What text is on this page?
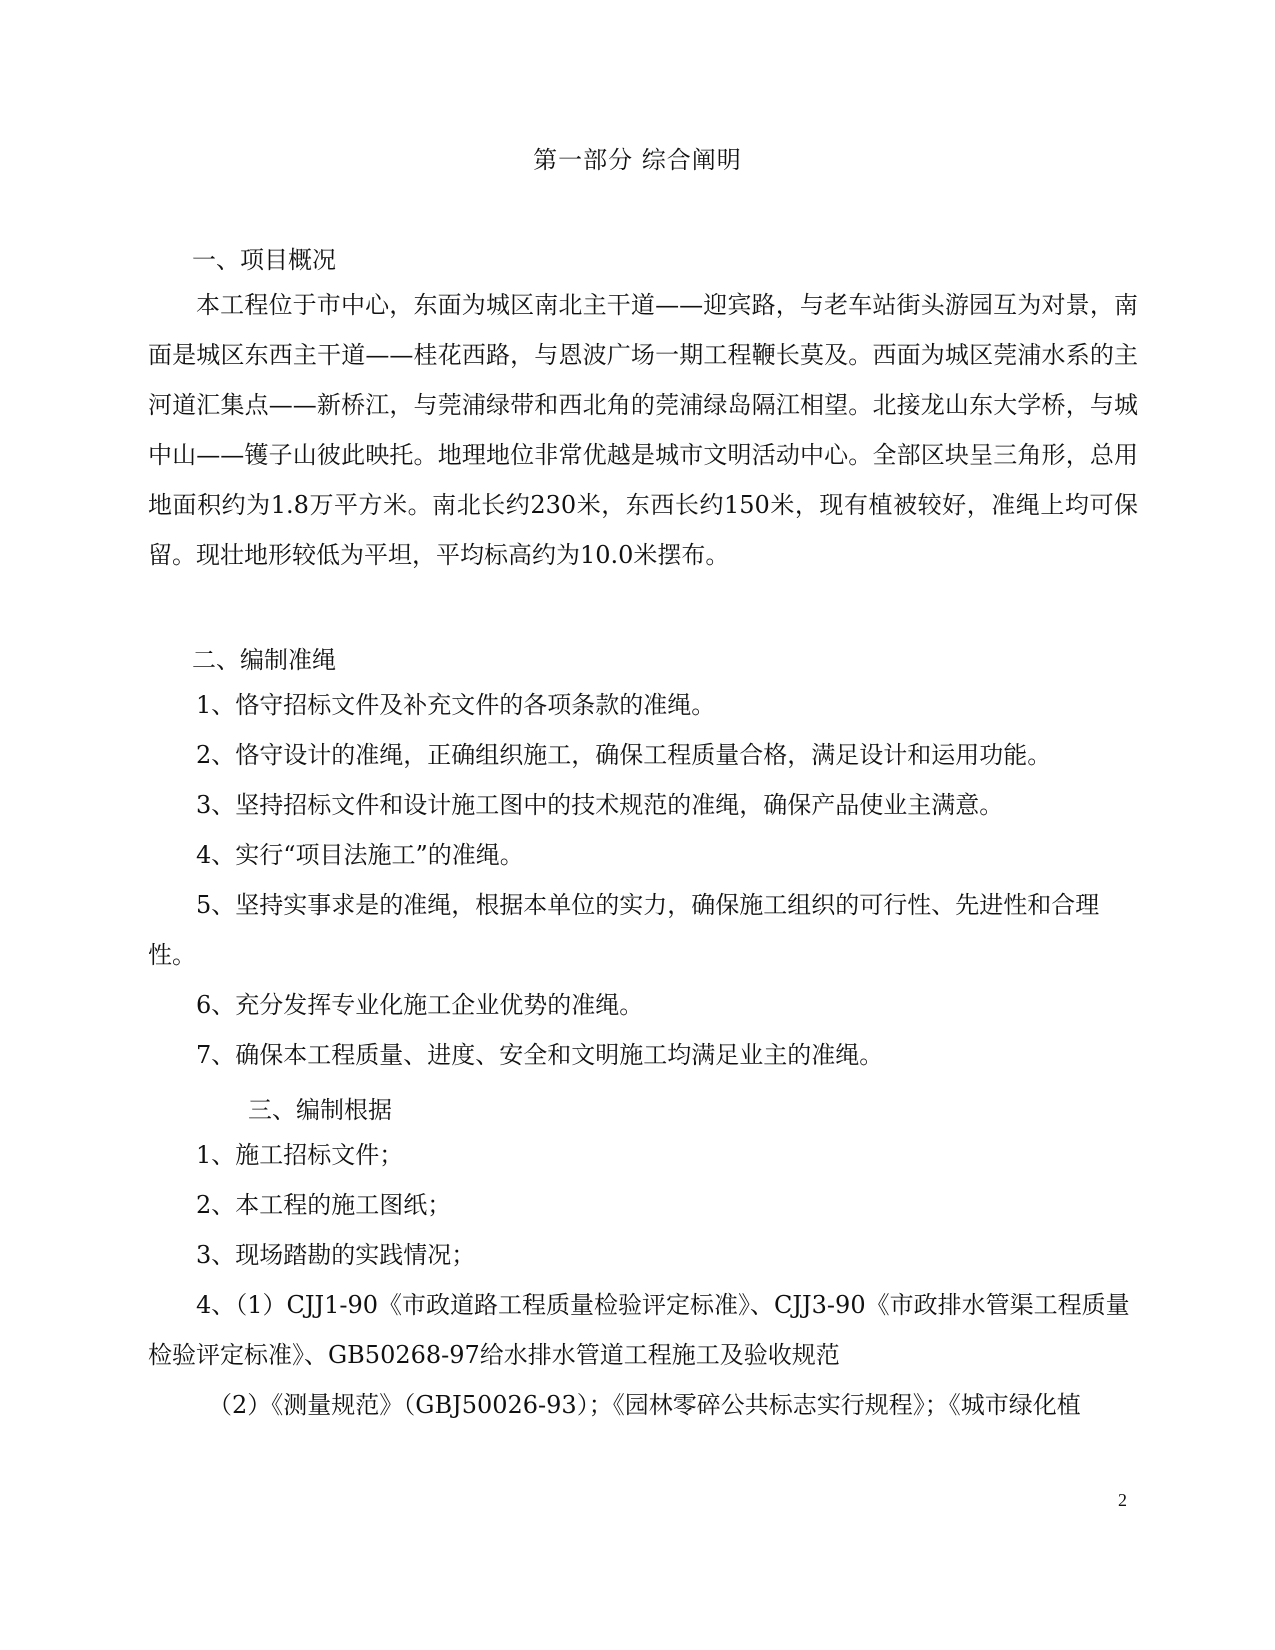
第一部分 综合阐明
一、项目概况

本工程位于市中心，东面为城区南北主干道——迎宾路，与老车站街头游园互为对景，南面是城区东西主干道——桂花西路，与恩波广场一期工程鞭长莫及。西面为城区莞浦水系的主河道汇集点——新桥江，与莞浦绿带和西北角的莞浦绿岛隔江相望。北接龙山东大学桥，与城中山——镬子山彼此映托。地理地位非常优越是城市文明活动中心。全部区块呈三角形，总用地面积约为1.8万平方米。南北长约230米，东西长约150米，现有植被较好，准绳上均可保留。现壮地形较低为平坦，平均标高约为10.0米摆布。

二、编制准绳

1、恪守招标文件及补充文件的各项条款的准绳。

2、恪守设计的准绳，正确组织施工，确保工程质量合格，满足设计和运用功能。

3、坚持招标文件和设计施工图中的技术规范的准绳，确保产品使业主满意。

4、实行“项目法施工”的准绳。

5、坚持实事求是的准绳，根据本单位的实力，确保施工组织的可行性、先进性和合理性。

6、充分发挥专业化施工企业优势的准绳。

7、确保本工程质量、进度、安全和文明施工均满足业主的准绳。

三、编制根据

1、施工招标文件；

2、本工程的施工图纸；

3、现场踏勘的实践情况；

4、（1）CJJ1-90《市政道路工程质量检验评定标准》、CJJ3-90《市政排水管渠工程质量检验评定标准》、GB50268-97给水排水管道工程施工及验收规范

（2）《测量规范》（GBJ50026-93）；《园林零碎公共标志实行规程》；《城市绿化植

2
